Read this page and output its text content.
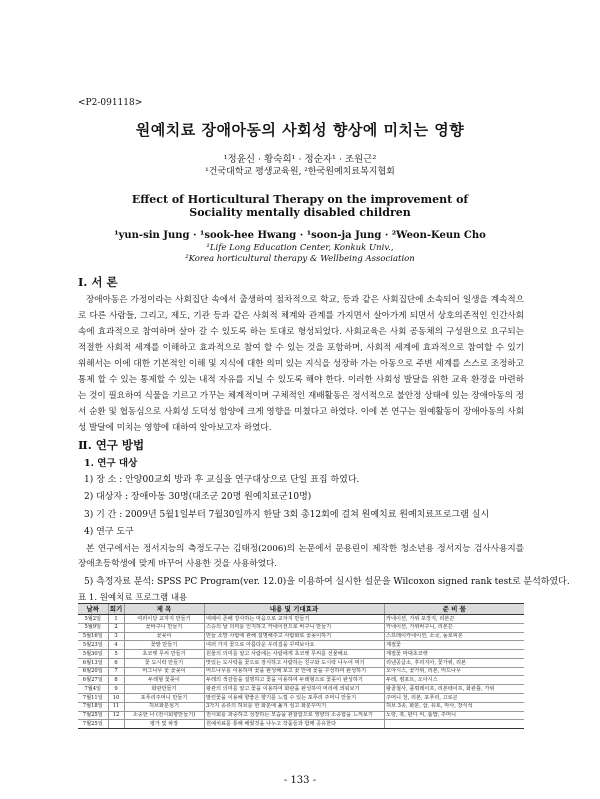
<P2-091118>
원예치료 장애아동의 사회성 향상에 미치는 영향
¹정윤신 · 황숙희¹ · 정순자¹ · 조원근²
¹건국대학교 평생교육원, ²한국원예치료복지협회
Effect of Horticultural Therapy on the improvement of
Sociality mentally disabled children
¹yun-sin Jung · ¹sook-hee Hwang · ¹soon-ja Jung · ²Weon-Keun Cho
¹Life Long Education Center, Konkuk Univ.,
²Korea horticultural therapy & Wellbeing Association
Ⅰ. 서 론
장애아동은 가정이라는 사회집단 속에서 출생하여 점차적으로 학교, 등과 같은 사회집단에 소속되어 일생을 계속적으로 다른 사람들, 그리고, 제도, 기관 등과 같은 사회적 체계와 관계를 가지면서 살아가게 되면서 상호의존적인 인간사회 속에 효과적으로 참여하며 살아 갈 수 있도록 하는 토대로 형성되었다. 사회교육은 사회 공동체의 구성원으로 요구되는 적절한 사회적 세계를 이해하고 효과적으로 참여 할 수 있는 것을 포함하며, 사회적 세계에 효과적으로 참여할 수 있기 위해서는 이에 대한 기본적인 이해 및 지식에 대한 의미 있는 지식을 성장하 가는 아동으로 주변 세계를 스스로 조정하고 통제 할 수 있는 통제할 수 있는 내적 자유를 지닐 수 있도록 해야 한다. 이러한 사회성 발달을 위한 교육 환경을 마련하는 것이 필요하여 식물을 기르고 가꾸는 체계적이며 구체적인 재배활동은 정서적으로 불안정 상태에 있는 장애아동의 정서 순환 및 협동심으로 사회성 도덕성 함양에 크게 영향을 미쳤다고 하였다. 이에 본 연구는 원예활동이 장애아동의 사회성 발달에 미치는 영향에 대하여 알아보고자 하였다.
Ⅱ. 연구 방법
1. 연구 대상
1) 장 소 : 안양00교회 방과 후 교실을 연구대상으로 단일 표집 하였다.
2) 대상자 : 장애아동 30명(대조군 20명 원예치료군10명)
3) 기 간 : 2009년 5월1일부터 7월30일까지 한달 3회 총12회에 걸쳐 원예치료 원예치료프로그램 실시
4) 연구 도구
본 연구에서는 정서지능의 측정도구는 김태정(2006)의 논문에서 문용린이 제작한 청소년용 정서지능 검사사용지를 장애초등학생에 맞게 바꾸어 사용한 것을 사용하였다.
5) 측정자료 분석: SPSS PC Program(ver. 12.0)을 이용하여 실시한 설문을 Wilcoxon signed rank test로 분석하였다.
표 1. 원예치료 프로그램 내용
날짜	회기	제 목	내용 및 기대효과	준 비 물
5월2일	1	여러이당 교자지 만들기	여례이 존배 강사하는 마음으로 교자지 만들기	카네이션, 가위 포장지, 리본끈
5월9일	2	꽃바구니 만들기	스승의 날 의미를 인지하고 카네이션으로 바구니 만들기	카네이션, 가위바구니, 리본끈
5월16일	3	꽃꽂이	만들 소망 사람에 관해 설명해주고 사람화로 꽃꽂이하기	스프레이카네이션, 소국, 돌로피론
5월23일	4	꽃밭 만들기	여러 가지 꽃으로 아름다운 우리집을 꾸며보아요	계절꽃
5월30일	5	초코렛 무씨 만들기	원물의 의미를 알고 사람에는 사람에게 초코렛 무씨를 선물해요	계절꽃 막대초코렛
6월13일	6	꽃 도시락 만들기	맛있는 도시락을 꽃으로 장식하고 사람하는 친구와 도시락 나누어 먹기	리넨공급소, 후리지아, 꽃가위, 리본
6월20일	7	머그나무 꽃 꽃꽂이	머드나무를 이용하여 꽃을 완성해 보고 꽃 안에 꽃을 구성하여 완성하기	오아시스, 꽃가위, 리본, 머드나무
6월27일	8	두레형 꽃꽂이	두레의 색감들을 설명하고 꽃을 이용하여 두레형으로 꽃꽂이 완성하기	두레, 컴포트, 오아시스
7월4일	9	화관만들기	왕관의 의미를 알고 꽃을 이용하여 화관을 완성하여 머리에 씌워보기	왕골철사, 플뤄레이프, 리본테이프, 화관틀, 가위
7월11일	10	포푸리주머니 만들기	말린꽃을 이용해 향좋은 향기를 느낄 수 있는 포푸리 주머니 만들기	주머니 천, 리본, 포푸리, 고로곤
7월18일	11	허브화분심기	3가지 종류의 허브를 한 화분에 옮겨 심고 화분꾸미기	허브 3종, 화분, 삽, 유토, 마사, 장식석
7월25일	12	소중한 나 (전시회향만들기)	전시회를 과중하고 성장하는 모습을 관찰함으로 영향의 소중함을 느껴보기	노랑, 흑, 판디 씨, 톱밥, 주머니
7월25일		평가 및 파장	원예치료를 통해 배웠것을 나누고 작품들과 함께 공유한다	
- 133 -
